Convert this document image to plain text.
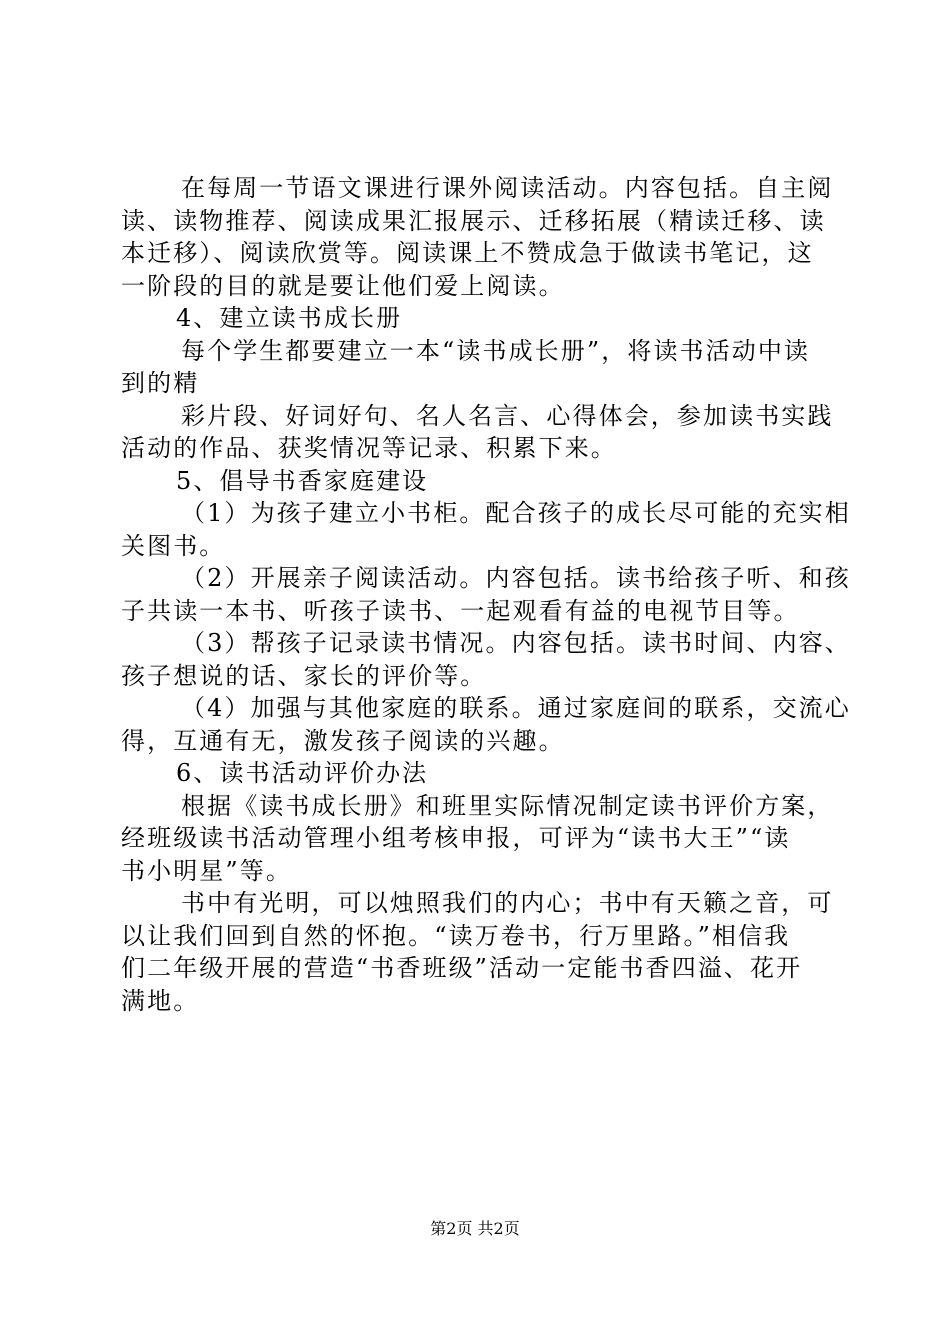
在每周一节语文课进行课外阅读活动。内容包括。自主阅
读、读物推荐、阅读成果汇报展示、迁移拓展（精读迁移、读
本迁移）、阅读欣赏等。阅读课上不赞成急于做读书笔记，这
一阶段的目的就是要让他们爱上阅读。
4、建立读书成长册
每个学生都要建立一本“读书成长册”，将读书活动中读
到的精
彩片段、好词好句、名人名言、心得体会，参加读书实践
活动的作品、获奖情况等记录、积累下来。
5、倡导书香家庭建设
（1）为孩子建立小书柜。配合孩子的成长尽可能的充实相
关图书。
（2）开展亲子阅读活动。内容包括。读书给孩子听、和孩
子共读一本书、听孩子读书、一起观看有益的电视节目等。
（3）帮孩子记录读书情况。内容包括。读书时间、内容、
孩子想说的话、家长的评价等。
（4）加强与其他家庭的联系。通过家庭间的联系，交流心
得，互通有无，激发孩子阅读的兴趣。
6、读书活动评价办法
根据《读书成长册》和班里实际情况制定读书评价方案，
经班级读书活动管理小组考核申报，可评为“读书大王”“读
书小明星”等。
书中有光明，可以烛照我们的内心；书中有天籁之音，可
以让我们回到自然的怀抱。“读万卷书，行万里路。”相信我
们二年级开展的营造“书香班级”活动一定能书香四溢、花开
满地。
第2页 共2页
